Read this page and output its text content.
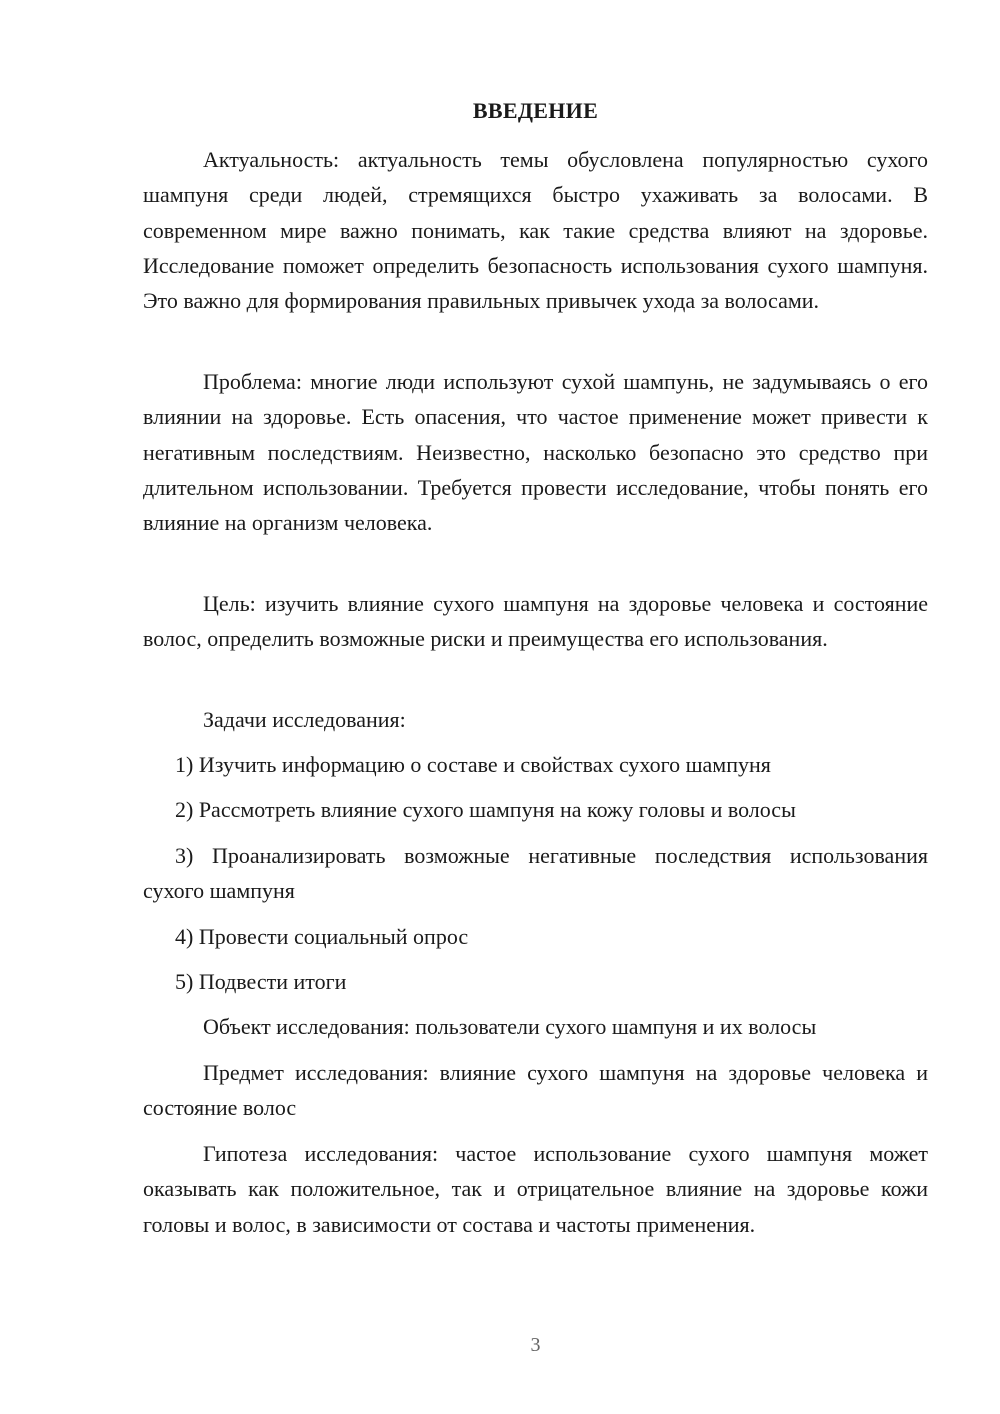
ВВЕДЕНИЕ

Актуальность: актуальность темы обусловлена популярностью сухого шампуня среди людей, стремящихся быстро ухаживать за волосами. В современном мире важно понимать, как такие средства влияют на здоровье. Исследование поможет определить безопасность использования сухого шампуня. Это важно для формирования правильных привычек ухода за волосами.

Проблема: многие люди используют сухой шампунь, не задумываясь о его влиянии на здоровье. Есть опасения, что частое применение может привести к негативным последствиям. Неизвестно, насколько безопасно это средство при длительном использовании. Требуется провести исследование, чтобы понять его влияние на организм человека.

Цель: изучить влияние сухого шампуня на здоровье человека и состояние волос, определить возможные риски и преимущества его использования.

Задачи исследования:

1) Изучить информацию о составе и свойствах сухого шампуня

2) Рассмотреть влияние сухого шампуня на кожу головы и волосы

3) Проанализировать возможные негативные последствия использования сухого шампуня

4) Провести социальный опрос

5) Подвести итоги

Объект исследования: пользователи сухого шампуня и их волосы

Предмет исследования: влияние сухого шампуня на здоровье человека и состояние волос

Гипотеза исследования: частое использование сухого шампуня может оказывать как положительное, так и отрицательное влияние на здоровье кожи головы и волос, в зависимости от состава и частоты применения.

3
